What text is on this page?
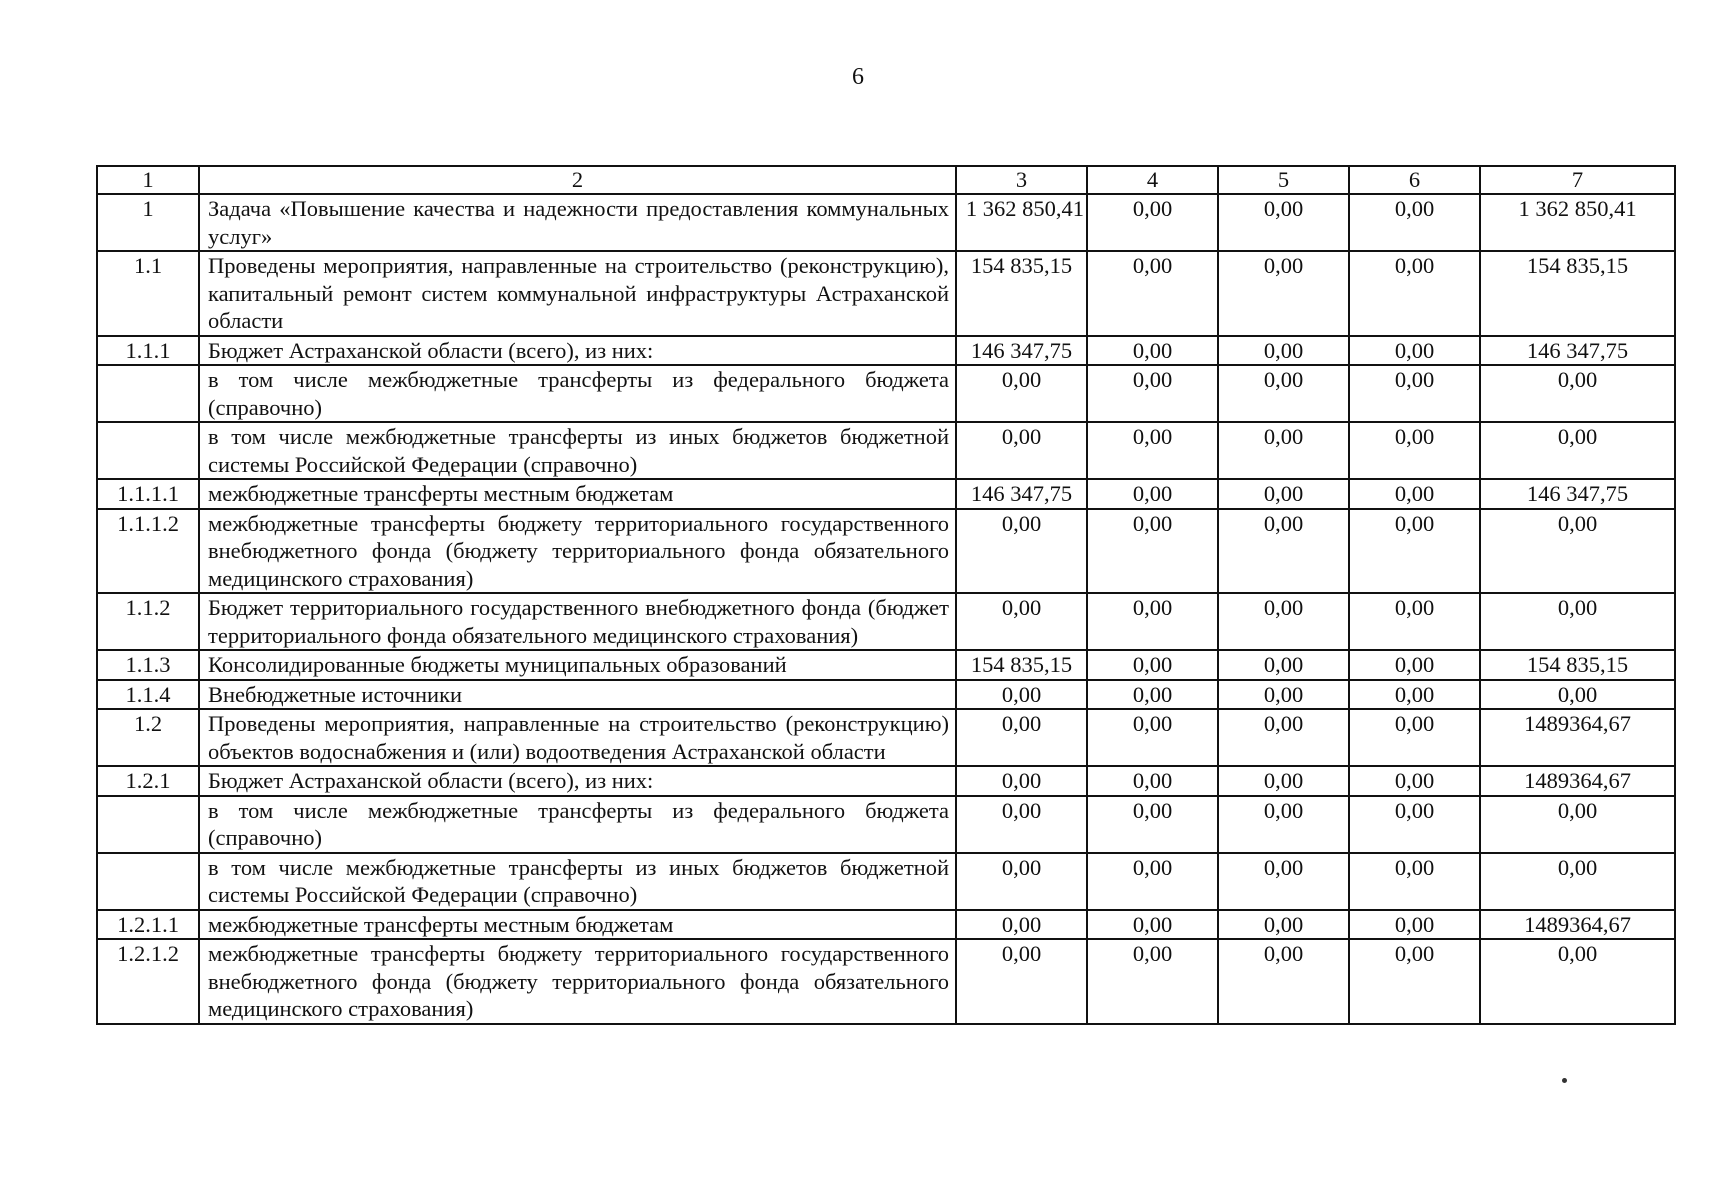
6
1	2	3	4	5	6	7
1	Задача «Повышение качества и надежности предоставления коммунальных услуг»	1 362 850,41	0,00	0,00	0,00	1 362 850,41
1.1	Проведены мероприятия, направленные на строительство (реконструкцию), капитальный ремонт систем коммунальной инфраструктуры Астраханской области	154 835,15	0,00	0,00	0,00	154 835,15
1.1.1	Бюджет Астраханской области (всего), из них:	146 347,75	0,00	0,00	0,00	146 347,75
	в том числе межбюджетные трансферты из федерального бюджета (справочно)	0,00	0,00	0,00	0,00	0,00
	в том числе межбюджетные трансферты из иных бюджетов бюджетной системы Российской Федерации (справочно)	0,00	0,00	0,00	0,00	0,00
1.1.1.1	межбюджетные трансферты местным бюджетам	146 347,75	0,00	0,00	0,00	146 347,75
1.1.1.2	межбюджетные трансферты бюджету территориального государственного внебюджетного фонда (бюджету территориального фонда обязательного медицинского страхования)	0,00	0,00	0,00	0,00	0,00
1.1.2	Бюджет территориального государственного внебюджетного фонда (бюджет территориального фонда обязательного медицинского страхования)	0,00	0,00	0,00	0,00	0,00
1.1.3	Консолидированные бюджеты муниципальных образований	154 835,15	0,00	0,00	0,00	154 835,15
1.1.4	Внебюджетные источники	0,00	0,00	0,00	0,00	0,00
1.2	Проведены мероприятия, направленные на строительство (реконструкцию) объектов водоснабжения и (или) водоотведения Астраханской области	0,00	0,00	0,00	0,00	1489364,67
1.2.1	Бюджет Астраханской области (всего), из них:	0,00	0,00	0,00	0,00	1489364,67
	в том числе межбюджетные трансферты из федерального бюджета (справочно)	0,00	0,00	0,00	0,00	0,00
	в том числе межбюджетные трансферты из иных бюджетов бюджетной системы Российской Федерации (справочно)	0,00	0,00	0,00	0,00	0,00
1.2.1.1	межбюджетные трансферты местным бюджетам	0,00	0,00	0,00	0,00	1489364,67
1.2.1.2	межбюджетные трансферты бюджету территориального государственного внебюджетного фонда (бюджету территориального фонда обязательного медицинского страхования)	0,00	0,00	0,00	0,00	0,00
